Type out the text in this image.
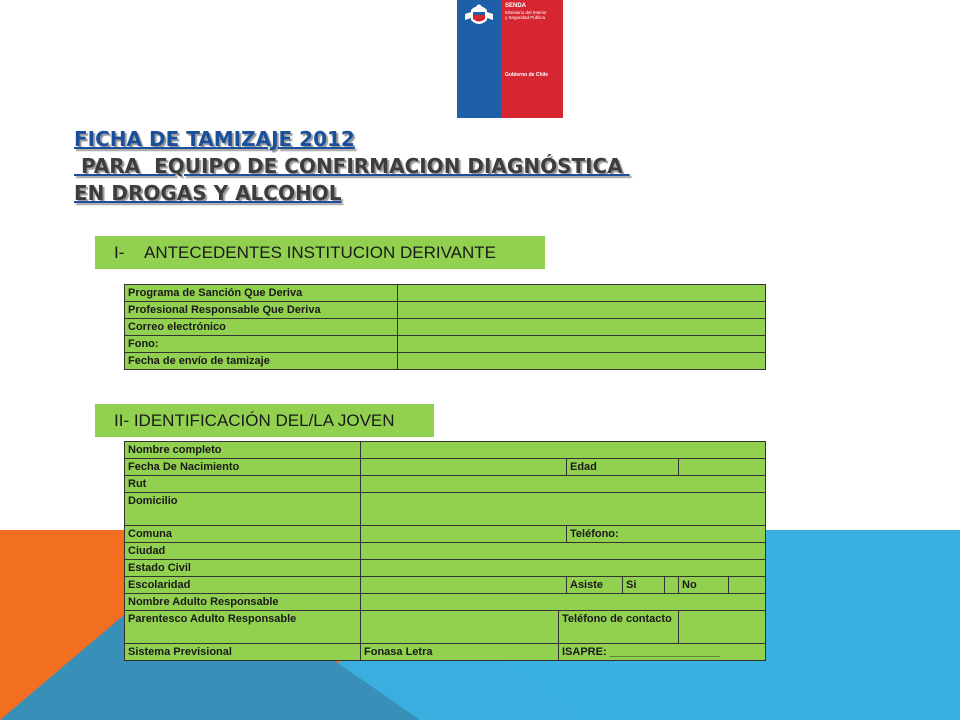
SENDA
Ministerio del Interior
y Seguridad Pública
Gobierno de Chile
FICHA DE TAMIZAJE 2012
PARA  EQUIPO DE CONFIRMACION DIAGNÓSTICA
EN DROGAS Y ALCOHOL
I- ANTECEDENTES INSTITUCION DERIVANTE
Programa de Sanción Que Deriva	
Profesional Responsable Que Deriva	
Correo electrónico	
Fono:	
Fecha de envío de tamizaje	
II- IDENTIFICACIÓN DEL/LA JOVEN
Nombre completo							
Fecha De Nacimiento			Edad				
Rut							
Domicilio							
Comuna			Teléfono:				
Ciudad							
Estado Civil							
Escolaridad			Asiste	Si		No	
Nombre Adulto Responsable							
Parentesco Adulto Responsable		Teléfono de contacto					
Sistema Previsional	Fonasa Letra	ISAPRE: __________________					
